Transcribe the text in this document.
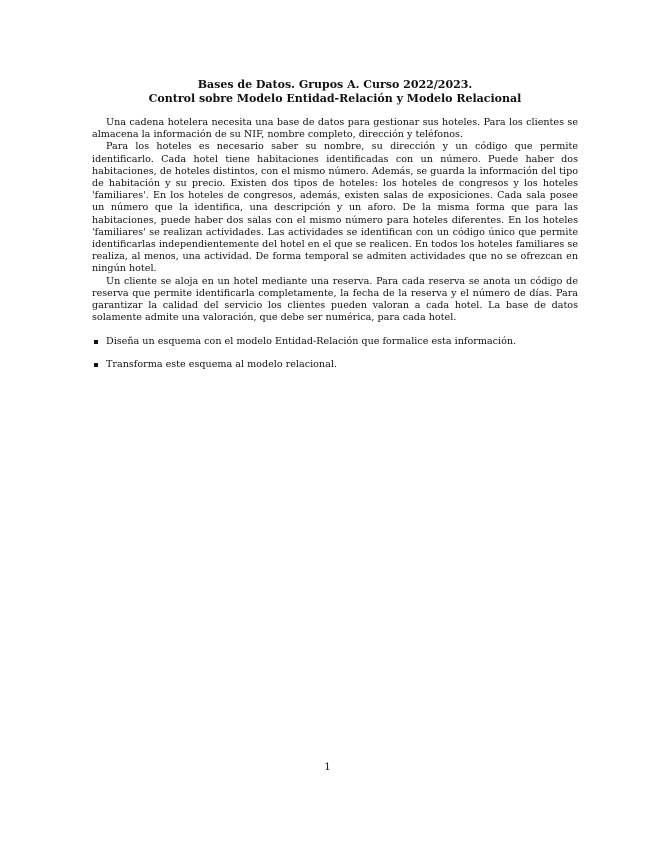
Bases de Datos. Grupos A. Curso 2022/2023.
Control sobre Modelo Entidad-Relación y Modelo Relacional

Una cadena hotelera necesita una base de datos para gestionar sus hoteles. Para los clientes se almacena la información de su NIF, nombre completo, dirección y teléfonos.

Para los hoteles es necesario saber su nombre, su dirección y un código que permite identificarlo. Cada hotel tiene habitaciones identificadas con un número. Puede haber dos habitaciones, de hoteles distintos, con el mismo número. Además, se guarda la información del tipo de habitación y su precio. Existen dos tipos de hoteles: los hoteles de congresos y los hoteles 'familiares'. En los hoteles de congresos, además, existen salas de exposiciones. Cada sala posee un número que la identifica, una descripción y un aforo. De la misma forma que para las habitaciones, puede haber dos salas con el mismo número para hoteles diferentes. En los hoteles 'familiares' se realizan actividades. Las actividades se identifican con un código único que permite identificarlas independientemente del hotel en el que se realicen. En todos los hoteles familiares se realiza, al menos, una actividad. De forma temporal se admiten actividades que no se ofrezcan en ningún hotel.

Un cliente se aloja en un hotel mediante una reserva. Para cada reserva se anota un código de reserva que permite identificarla completamente, la fecha de la reserva y el número de días. Para garantizar la calidad del servicio los clientes pueden valoran a cada hotel. La base de datos solamente admite una valoración, que debe ser numérica, para cada hotel.

Diseña un esquema con el modelo Entidad-Relación que formalice esta información.
Transforma este esquema al modelo relacional.
1
